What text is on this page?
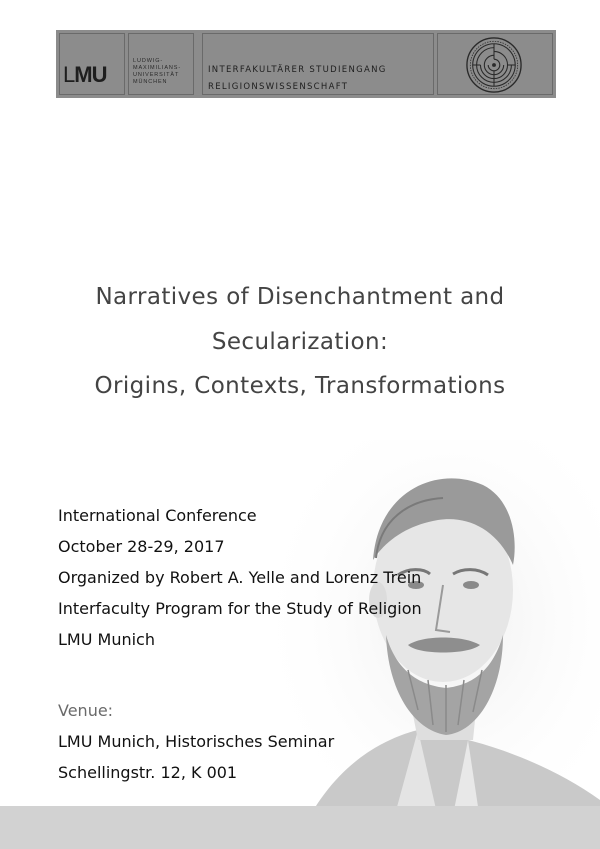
L MU
LUDWIG-
MAXIMILIANS-
UNIVERSITÄT
MÜNCHEN
INTERFAKULTÄRER STUDIENGANG
RELIGIONSWISSENSCHAFT
Narratives of Disenchantment and
Secularization:
Origins, Contexts, Transformations
International Conference
October 28-29, 2017
Organized by Robert A. Yelle and Lorenz Trein
Interfaculty Program for the Study of Religion
LMU Munich
Venue:
LMU Munich, Historisches Seminar
Schellingstr. 12, K 001
